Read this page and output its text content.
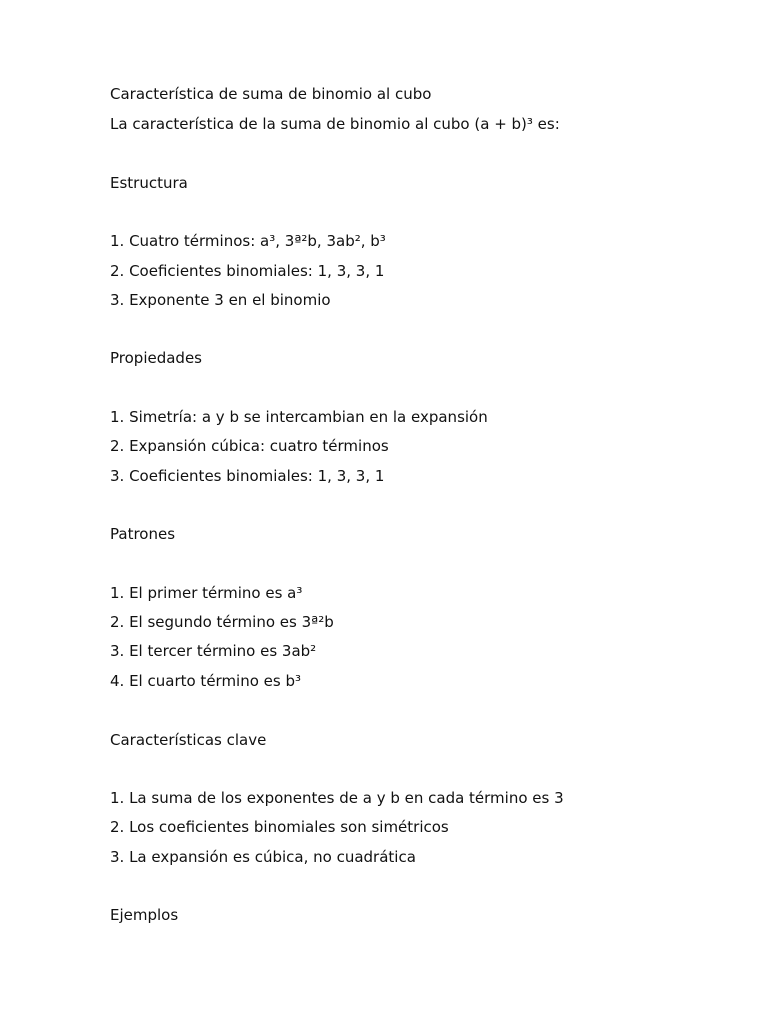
Característica de suma de binomio al cubo
La característica de la suma de binomio al cubo (a + b)³ es:
Estructura
1. Cuatro términos: a³, 3ª²b, 3ab², b³
2. Coeficientes binomiales: 1, 3, 3, 1
3. Exponente 3 en el binomio
Propiedades
1. Simetría: a y b se intercambian en la expansión
2. Expansión cúbica: cuatro términos
3. Coeficientes binomiales: 1, 3, 3, 1
Patrones
1. El primer término es a³
2. El segundo término es 3ª²b
3. El tercer término es 3ab²
4. El cuarto término es b³
Características clave
1. La suma de los exponentes de a y b en cada término es 3
2. Los coeficientes binomiales son simétricos
3. La expansión es cúbica, no cuadrática
Ejemplos
